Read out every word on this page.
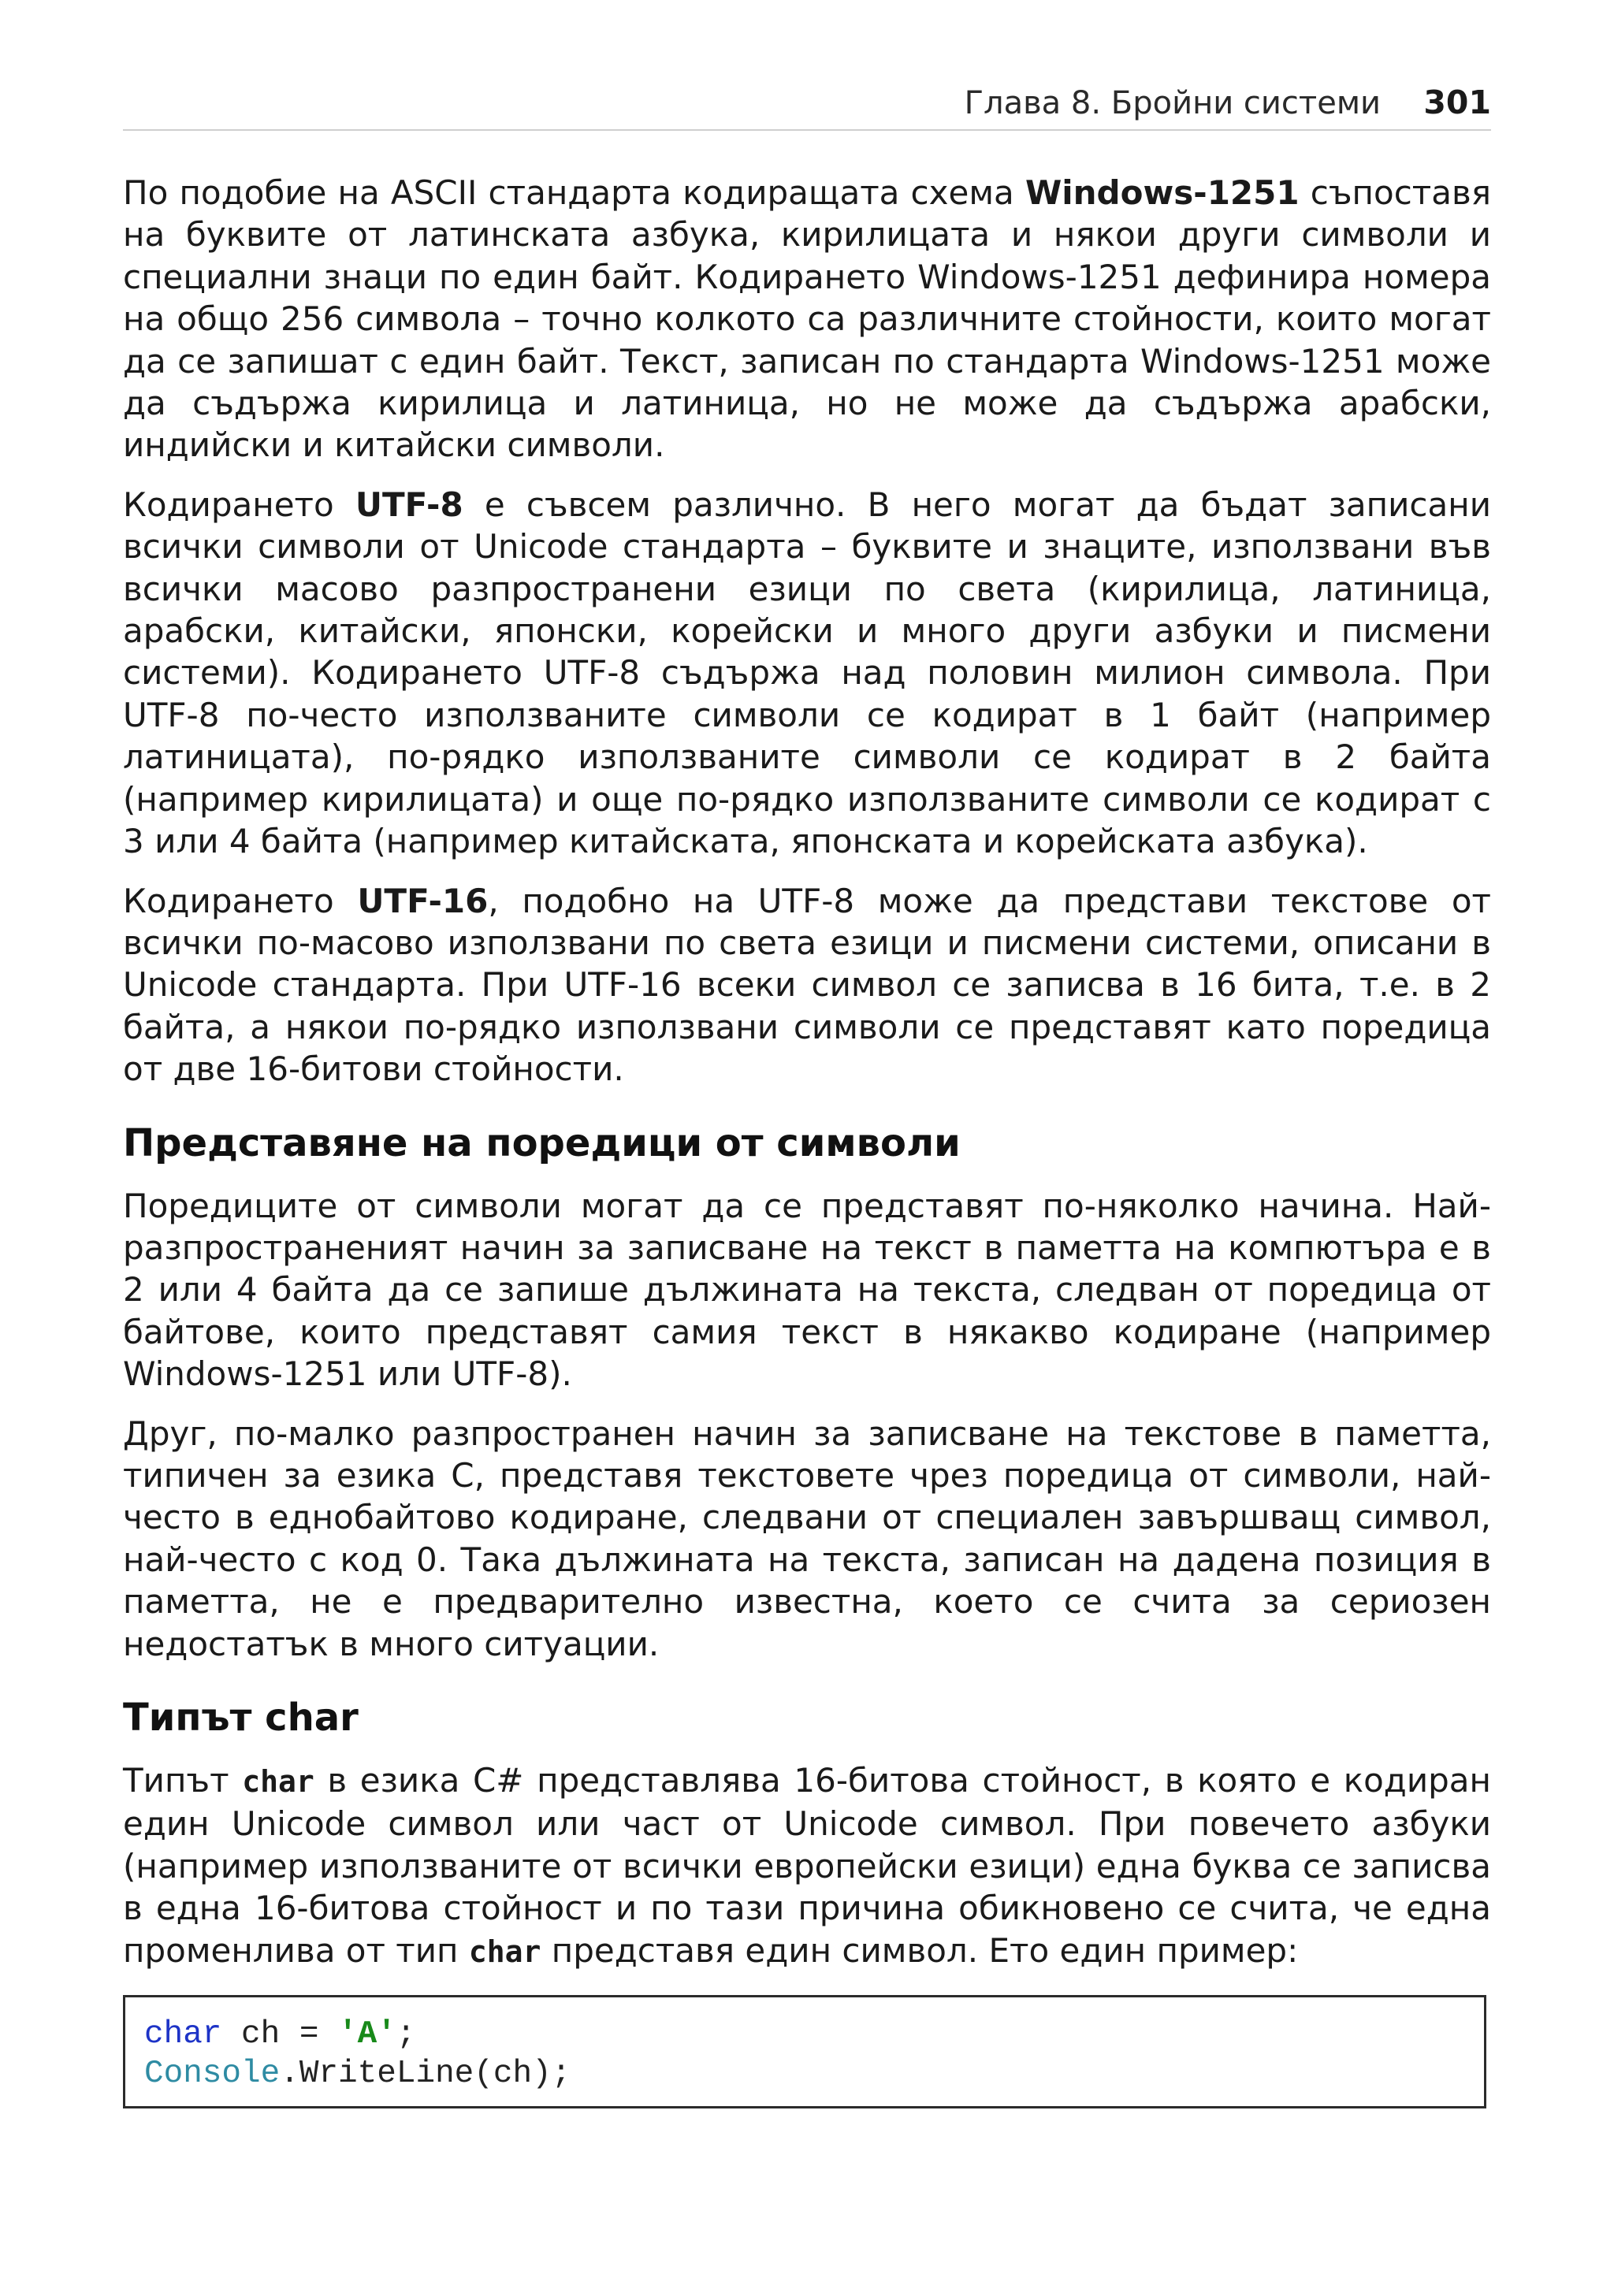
Глава 8. Бройни системи 301

По подобие на ASCII стандарта кодиращата схема Windows-1251 съпоставя на буквите от латинската азбука, кирилицата и някои други символи и специални знаци по един байт. Кодирането Windows-1251 дефинира номера на общо 256 символа – точно колкото са различните стойности, които могат да се запишат с един байт. Текст, записан по стандарта Windows-1251 може да съдържа кирилица и латиница, но не може да съдържа арабски, индийски и китайски символи.

Кодирането UTF-8 е съвсем различно. В него могат да бъдат записани всички символи от Unicode стандарта – буквите и знаците, използвани във всички масово разпространени езици по света (кирилица, латиница, арабски, китайски, японски, корейски и много други азбуки и писмени системи). Кодирането UTF-8 съдържа над половин милион символа. При UTF-8 по-често използваните символи се кодират в 1 байт (например латиницата), по-рядко използваните символи се кодират в 2 байта (например кирилицата) и още по-рядко използваните символи се кодират с 3 или 4 байта (например китайската, японската и корейската азбука).

Кодирането UTF-16, подобно на UTF-8 може да представи текстове от всички по-масово използвани по света езици и писмени системи, описани в Unicode стандарта. При UTF-16 всеки символ се записва в 16 бита, т.е. в 2 байта, а някои по-рядко използвани символи се представят като поредица от две 16-битови стойности.

Представяне на поредици от символи

Поредиците от символи могат да се представят по-няколко начина. Най-разпространеният начин за записване на текст в паметта на компютъра е в 2 или 4 байта да се запише дължината на текста, следван от поредица от байтове, които представят самия текст в някакво кодиране (например Windows-1251 или UTF-8).

Друг, по-малко разпространен начин за записване на текстове в паметта, типичен за езика C, представя текстовете чрез поредица от символи, най-често в еднобайтово кодиране, следвани от специален завършващ символ, най-често с код 0. Така дължината на текста, записан на дадена позиция в паметта, не е предварително известна, което се счита за сериозен недостатък в много ситуации.

Типът char

Типът char в езика C# представлява 16-битова стойност, в която е кодиран един Unicode символ или част от Unicode символ. При повечето азбуки (например използваните от всички европейски езици) една буква се записва в една 16-битова стойност и по тази причина обикновено се счита, че една променлива от тип char представя един символ. Ето един пример:

char ch = 'A';
Console.WriteLine(ch);
